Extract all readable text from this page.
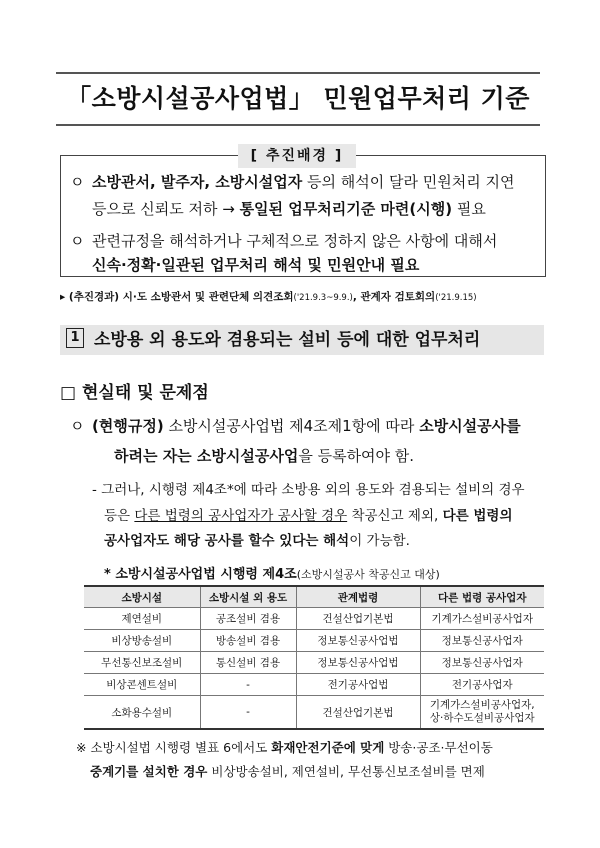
「소방시설공사업법」 민원업무처리 기준
[ 추진배경 ]
ㅇ 소방관서, 발주자, 소방시설업자 등의 해석이 달라 민원처리 지연
등으로 신뢰도 저하 → 통일된 업무처리기준 마련(시행) 필요
ㅇ 관련규정을 해석하거나 구체적으로 정하지 않은 사항에 대해서
신속·정확·일관된 업무처리 해석 및 민원안내 필요
▸ (추진경과) 시·도 소방관서 및 관련단체 의견조회('21.9.3~9.9.), 관계자 검토회의('21.9.15)
1 소방용 외 용도와 겸용되는 설비 등에 대한 업무처리
□ 현실태 및 문제점
ㅇ (현행규정) 소방시설공사업법 제4조제1항에 따라 소방시설공사를
하려는 자는 소방시설공사업을 등록하여야 함.
- 그러나, 시행령 제4조*에 따라 소방용 외의 용도와 겸용되는 설비의 경우
등은 다른 법령의 공사업자가 공사할 경우 착공신고 제외, 다른 법령의
공사업자도 해당 공사를 할수 있다는 해석이 가능함.
* 소방시설공사업법 시행령 제4조(소방시설공사 착공신고 대상)
소방시설	소방시설 외 용도	관계법령	다른 법령 공사업자
제연설비	공조설비 겸용	건설산업기본법	기계가스설비공사업자
비상방송설비	방송설비 겸용	정보통신공사업법	정보통신공사업자
무선통신보조설비	통신설비 겸용	정보통신공사업법	정보통신공사업자
비상콘센트설비	-	전기공사업법	전기공사업자
소화용수설비	-	건설산업기본법	기계가스설비공사업자,
상·하수도설비공사업자
※ 소방시설법 시행령 별표 6에서도 화재안전기준에 맞게 방송·공조·무선이동
중계기를 설치한 경우 비상방송설비, 제연설비, 무선통신보조설비를 면제
